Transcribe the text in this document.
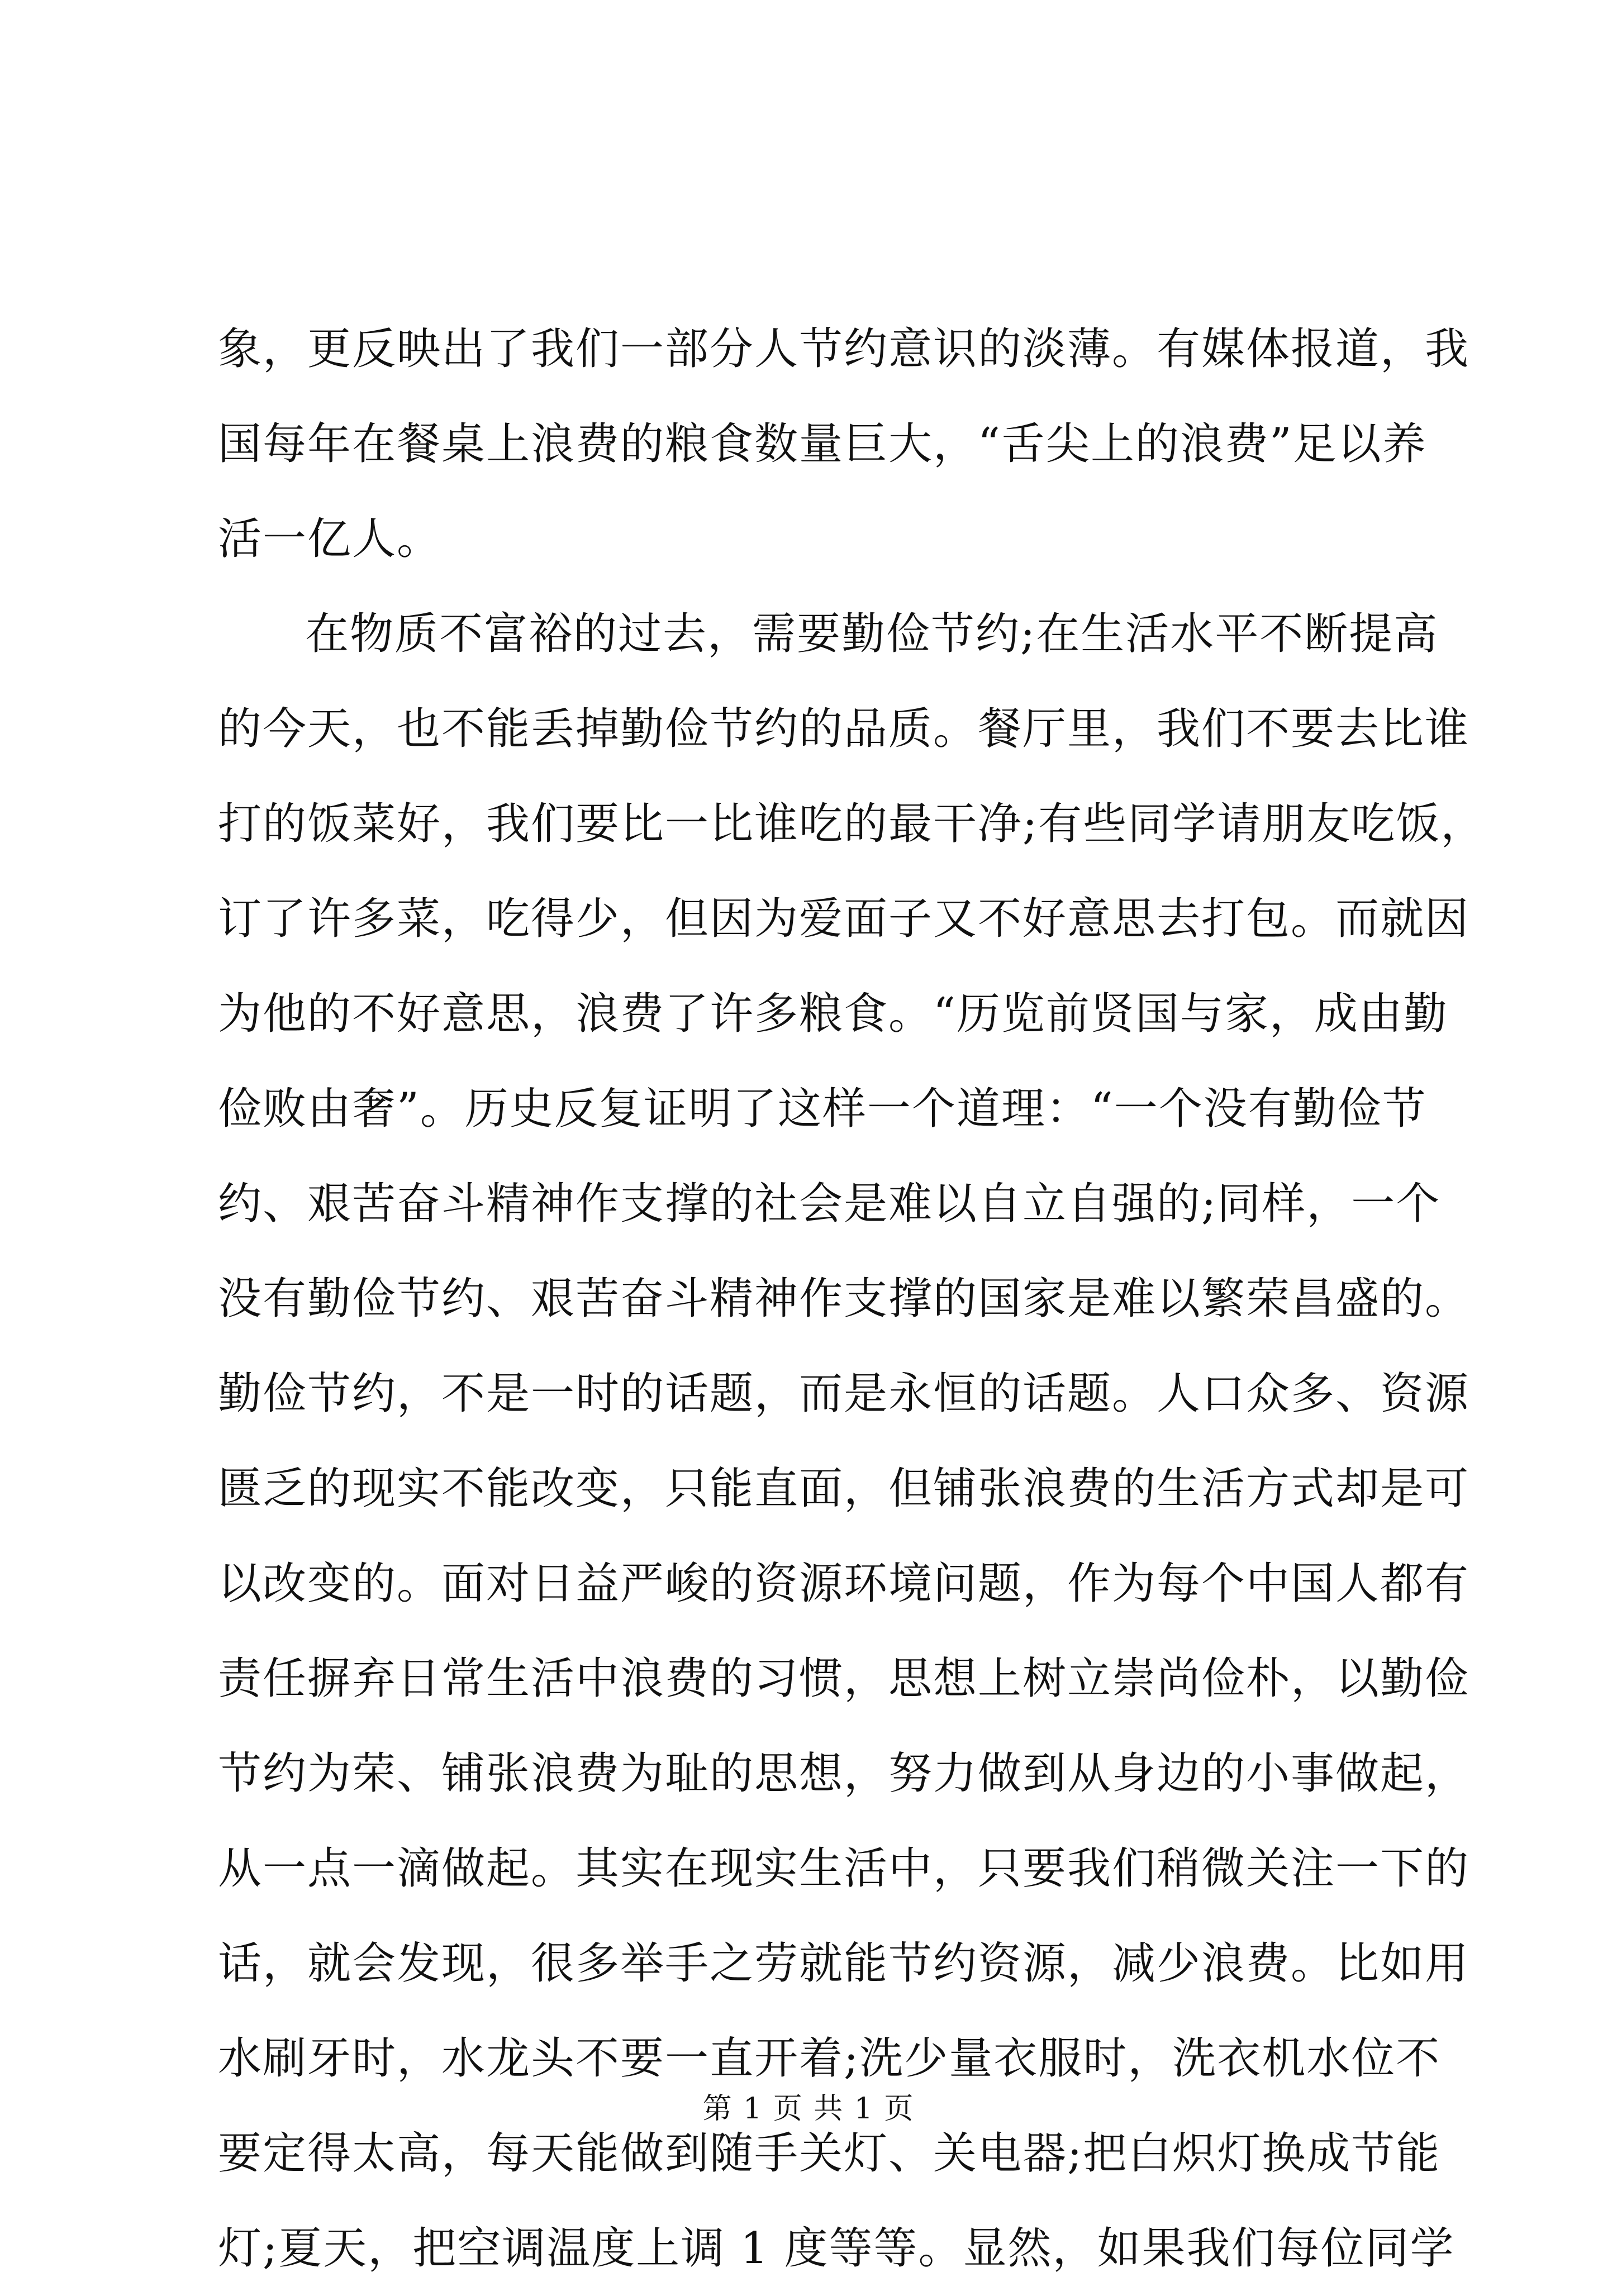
象，更反映出了我们一部分人节约意识的淡薄。有媒体报道，我
国每年在餐桌上浪费的粮食数量巨大，“舌尖上的浪费”足以养
活一亿人。
在物质不富裕的过去，需要勤俭节约;在生活水平不断提高
的今天，也不能丢掉勤俭节约的品质。餐厅里，我们不要去比谁
打的饭菜好，我们要比一比谁吃的最干净;有些同学请朋友吃饭，
订了许多菜，吃得少，但因为爱面子又不好意思去打包。而就因
为他的不好意思，浪费了许多粮食。“历览前贤国与家，成由勤
俭败由奢”。历史反复证明了这样一个道理：“一个没有勤俭节
约、艰苦奋斗精神作支撑的社会是难以自立自强的;同样，一个
没有勤俭节约、艰苦奋斗精神作支撑的国家是难以繁荣昌盛的。
勤俭节约，不是一时的话题，而是永恒的话题。人口众多、资源
匮乏的现实不能改变，只能直面，但铺张浪费的生活方式却是可
以改变的。面对日益严峻的资源环境问题，作为每个中国人都有
责任摒弃日常生活中浪费的习惯，思想上树立崇尚俭朴，以勤俭
节约为荣、铺张浪费为耻的思想，努力做到从身边的小事做起，
从一点一滴做起。其实在现实生活中，只要我们稍微关注一下的
话，就会发现，很多举手之劳就能节约资源，减少浪费。比如用
水刷牙时，水龙头不要一直开着;洗少量衣服时，洗衣机水位不
要定得太高，每天能做到随手关灯、关电器;把白炽灯换成节能
灯;夏天，把空调温度上调 1 度等等。显然，如果我们每位同学
第 1 页 共 1 页
